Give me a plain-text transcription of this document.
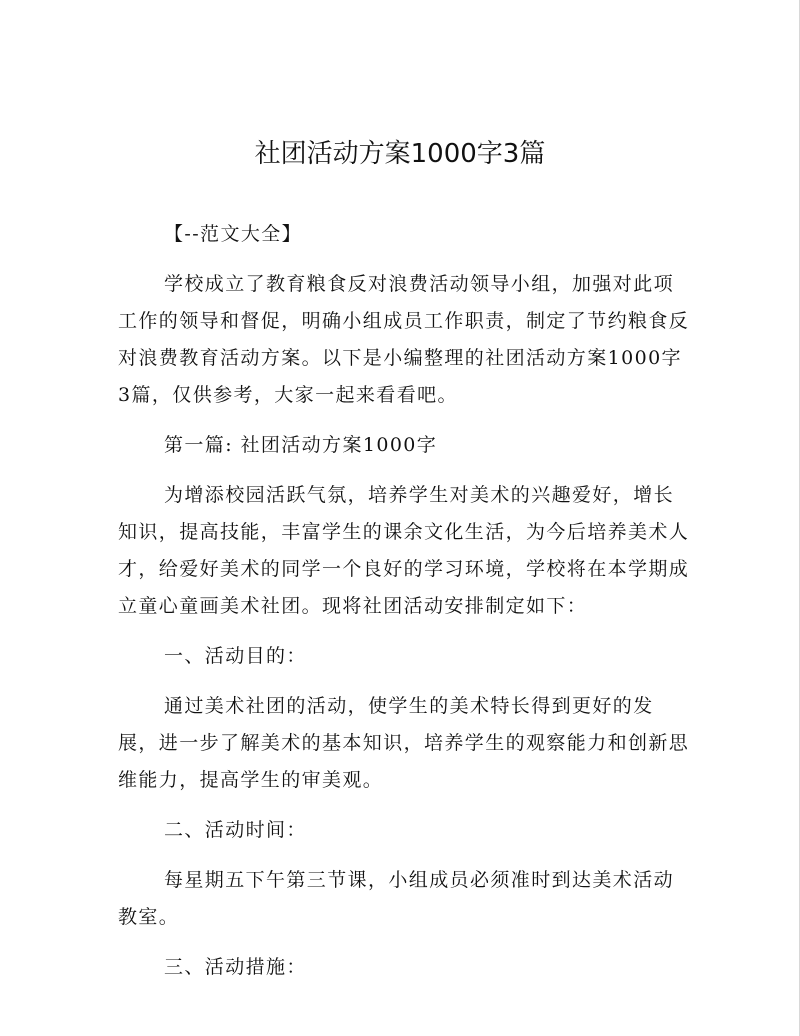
社团活动方案1000字3篇

【--范文大全】

学校成立了教育粮食反对浪费活动领导小组，加强对此项工作的领导和督促，明确小组成员工作职责，制定了节约粮食反对浪费教育活动方案。以下是小编整理的社团活动方案1000字3篇，仅供参考，大家一起来看看吧。

第一篇: 社团活动方案1000字

为增添校园活跃气氛，培养学生对美术的兴趣爱好，增长知识，提高技能，丰富学生的课余文化生活，为今后培养美术人才，给爱好美术的同学一个良好的学习环境，学校将在本学期成立童心童画美术社团。现将社团活动安排制定如下：

一、活动目的：

通过美术社团的活动，使学生的美术特长得到更好的发展，进一步了解美术的基本知识，培养学生的观察能力和创新思维能力，提高学生的审美观。

二、活动时间：

每星期五下午第三节课，小组成员必须准时到达美术活动教室。

三、活动措施：
